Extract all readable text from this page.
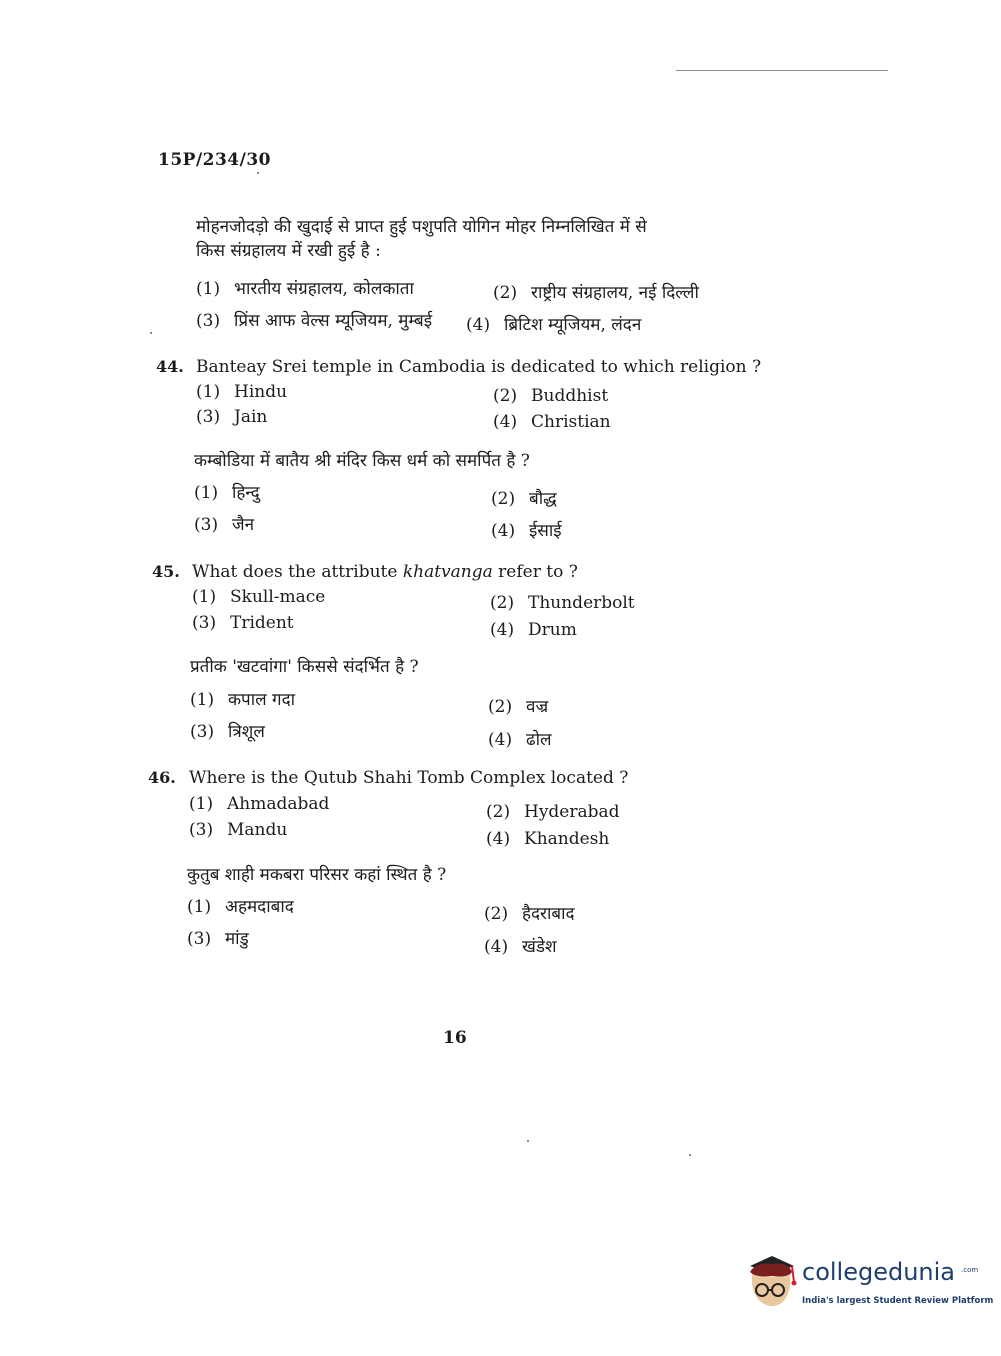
15P/234/30
मोहनजोदड़ो की खुदाई से प्राप्त हुई पशुपति योगिन मोहर निम्नलिखित में से
किस संग्रहालय में रखी हुई है :
(1) भारतीय संग्रहालय, कोलकाता	(2) राष्ट्रीय संग्रहालय, नई दिल्ली
(3) प्रिंस आफ वेल्स म्यूजियम, मुम्बई (4) ब्रिटिश म्यूजियम, लंदन
44. Banteay Srei temple in Cambodia is dedicated to which religion ?
(1) Hindu	(2) Buddhist
(3) Jain	(4) Christian
कम्बोडिया में बातैय श्री मंदिर किस धर्म को समर्पित है ?
(1) हिन्दु	(2) बौद्ध
(3) जैन	(4) ईसाई
45. What does the attribute khatvanga refer to ?
(1) Skull-mace	(2) Thunderbolt
(3) Trident	(4) Drum
प्रतीक 'खटवांगा' किससे संदर्भित है ?
(1) कपाल गदा	(2) वज्र
(3) त्रिशूल	(4) ढोल
46. Where is the Qutub Shahi Tomb Complex located ?
(1) Ahmadabad	(2) Hyderabad
(3) Mandu	(4) Khandesh
कुतुब शाही मकबरा परिसर कहां स्थित है ?
(1) अहमदाबाद	(2) हैदराबाद
(3) मांडु	(4) खंडेश
16
collegedunia .com
India's largest Student Review Platform
